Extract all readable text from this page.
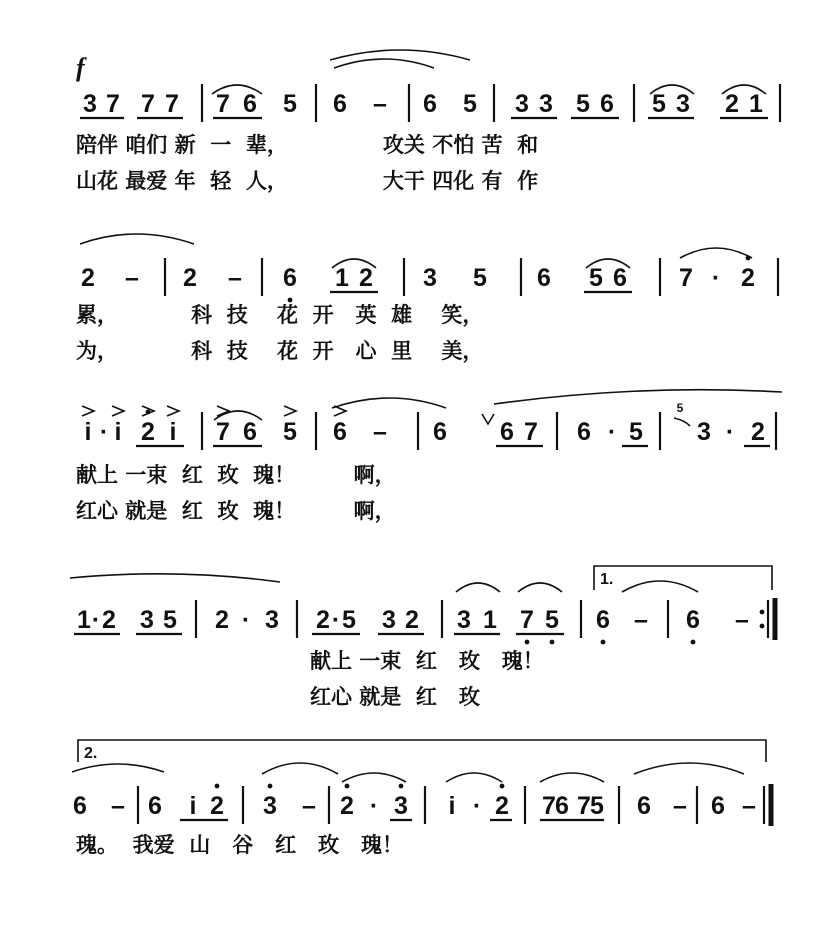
f
3 7 7 7 7 6 5 6 – 6 5 3 3 5 6 5 3 2 1
陪伴 咱们 新  一  辈，             攻关 不怕 苦  和
山花 最爱 年  轻  人，             大干 四化 有  作
2 – 2 – 6 1 2 3 5 6 5 6 7 · 2
累，          科  技    花  开   英  雄    笑，
为，          科  技    花  开   心  里    美，
5
i · i 2 i 7 6 5 6 – 6 6 7 6 · 5 3 · 2
献上 一束  红  玫  瑰！        啊，
红心 就是  红  玫  瑰！        啊，
1.
1 · 2 3 5 2 · 3 2 · 5 3 2 3 1 7 5 6 – 6 –
献上 一束  红   玫   瑰！
红心 就是  红   玫
2.
6 – 6 i 2 3 – 2 · 3 i · 2 7 6 7 5 6 – 6 –
瑰。  我爱  山   谷   红   玫   瑰！
